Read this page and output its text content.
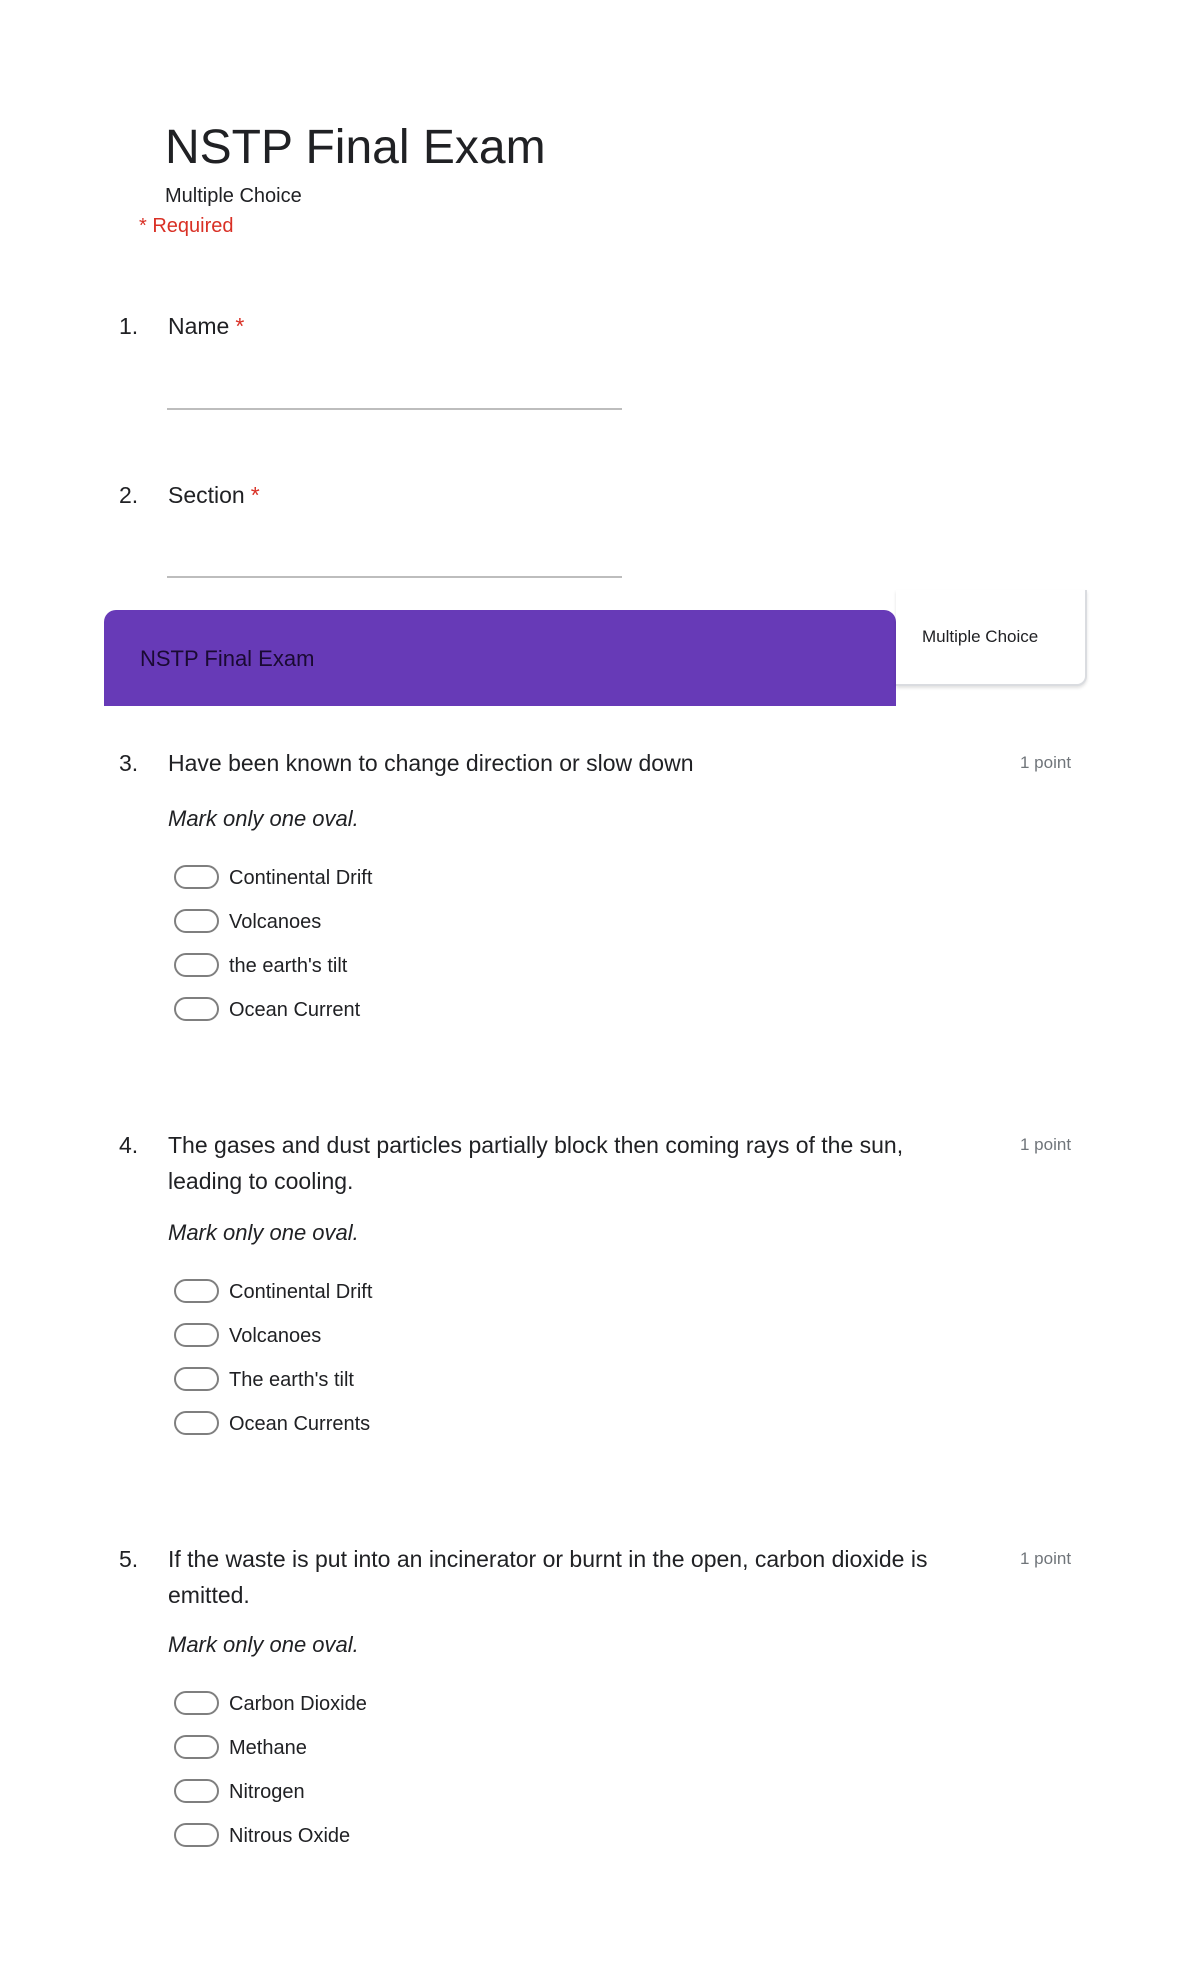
NSTP Final Exam
Multiple Choice
* Required
1. Name *
2. Section *
NSTP Final Exam
Multiple Choice
3. Have been known to change direction or slow down	1 point
Mark only one oval.
Continental Drift
Volcanoes
the earth's tilt
Ocean Current
4. The gases and dust particles partially block then coming rays of the sun, leading to cooling.
1 point
Mark only one oval.
Continental Drift
Volcanoes
The earth's tilt
Ocean Currents
5. If the waste is put into an incinerator or burnt in the open, carbon dioxide is emitted.
1 point
Mark only one oval.
Carbon Dioxide
Methane
Nitrogen
Nitrous Oxide
